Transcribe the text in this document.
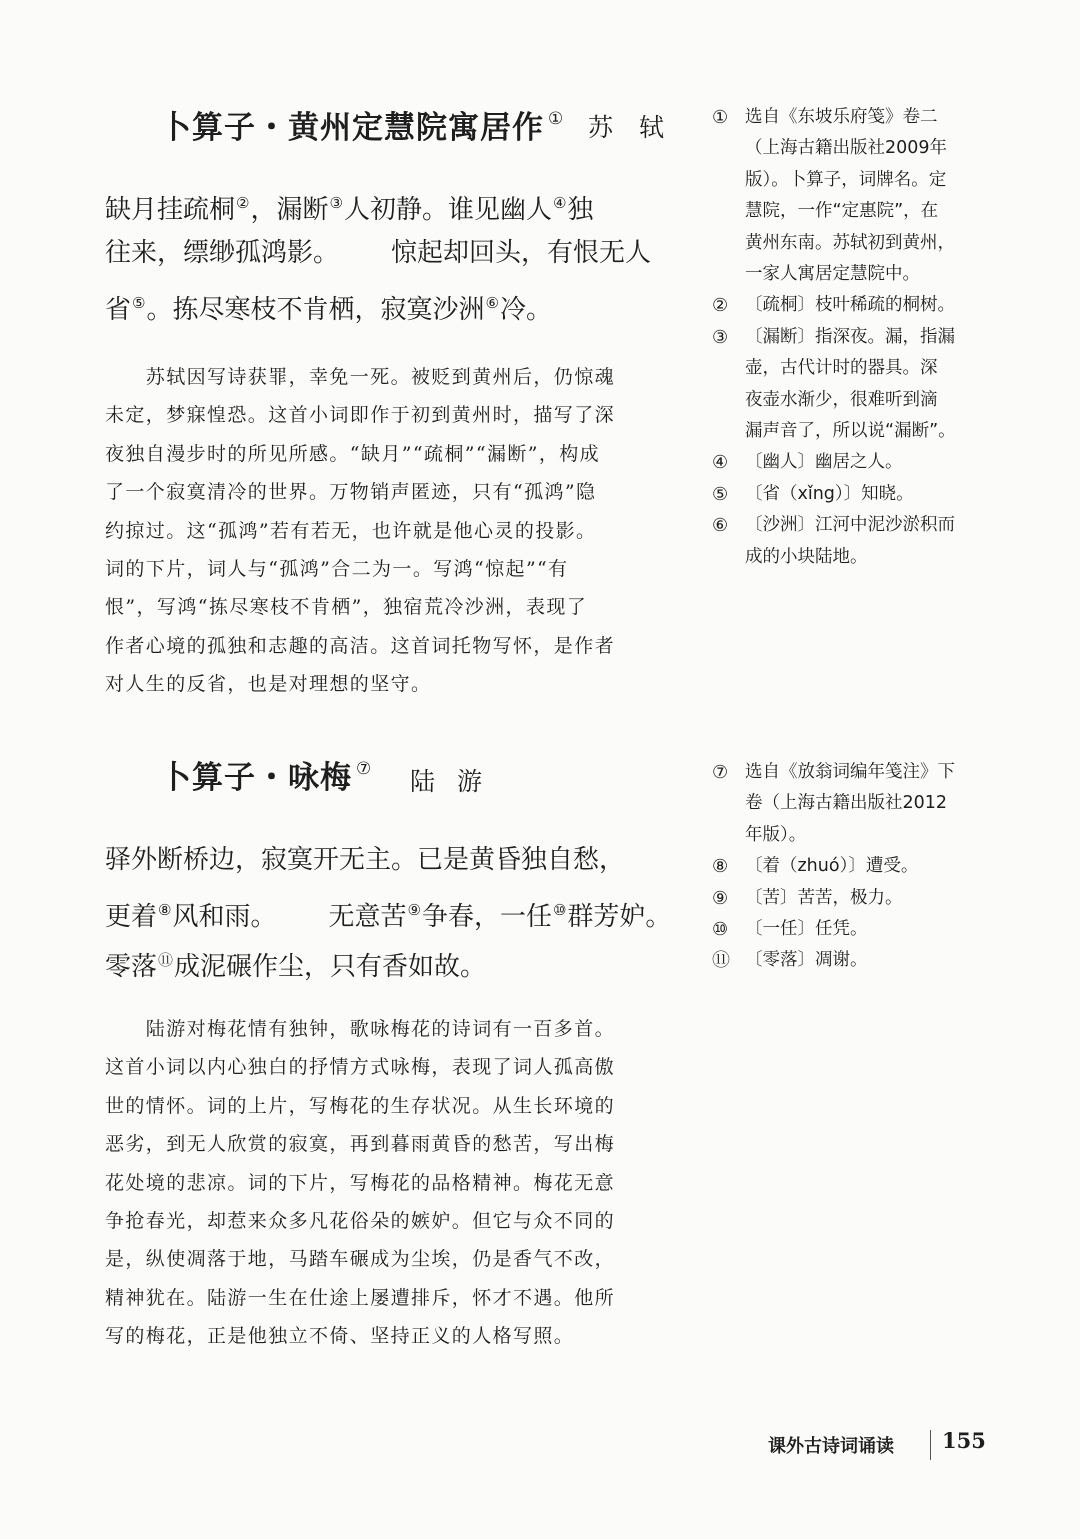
卜算子・黄州定慧院寓居作 ① 苏轼
缺月挂疏桐②，漏断③人初静。谁见幽人④独
往来，缥缈孤鸿影。 惊起却回头，有恨无人
省⑤。拣尽寒枝不肯栖，寂寞沙洲⑥冷。
　　苏轼因写诗获罪，幸免一死。被贬到黄州后，仍惊魂
未定，梦寐惶恐。这首小词即作于初到黄州时，描写了深
夜独自漫步时的所见所感。“缺月”“疏桐”“漏断”，构成
了一个寂寞清冷的世界。万物销声匿迹，只有“孤鸿”隐
约掠过。这“孤鸿”若有若无，也许就是他心灵的投影。
词的下片，词人与“孤鸿”合二为一。写鸿“惊起”“有
恨”，写鸿“拣尽寒枝不肯栖”，独宿荒冷沙洲，表现了
作者心境的孤独和志趣的高洁。这首词托物写怀，是作者
对人生的反省，也是对理想的坚守。
① 选自《东坡乐府笺》卷二
（上海古籍出版社2009年
版）。卜算子，词牌名。定
慧院，一作“定惠院”，在
黄州东南。苏轼初到黄州，
一家人寓居定慧院中。
② 〔疏桐〕枝叶稀疏的桐树。
③ 〔漏断〕指深夜。漏，指漏
壶，古代计时的器具。深
夜壶水渐少，很难听到滴
漏声音了，所以说“漏断”。
④ 〔幽人〕幽居之人。
⑤ 〔省（xǐng）〕知晓。
⑥ 〔沙洲〕江河中泥沙淤积而
成的小块陆地。
卜算子・咏梅 ⑦ 陆游
驿外断桥边，寂寞开无主。已是黄昏独自愁，
更着⑧风和雨。 无意苦⑨争春，一任⑩群芳妒。
零落⑪成泥碾作尘，只有香如故。
　　陆游对梅花情有独钟，歌咏梅花的诗词有一百多首。
这首小词以内心独白的抒情方式咏梅，表现了词人孤高傲
世的情怀。词的上片，写梅花的生存状况。从生长环境的
恶劣，到无人欣赏的寂寞，再到暮雨黄昏的愁苦，写出梅
花处境的悲凉。词的下片，写梅花的品格精神。梅花无意
争抢春光，却惹来众多凡花俗朵的嫉妒。但它与众不同的
是，纵使凋落于地，马踏车碾成为尘埃，仍是香气不改，
精神犹在。陆游一生在仕途上屡遭排斥，怀才不遇。他所
写的梅花，正是他独立不倚、坚持正义的人格写照。
⑦ 选自《放翁词编年笺注》下
卷（上海古籍出版社2012
年版）。
⑧ 〔着（zhuó）〕遭受。
⑨ 〔苦〕苦苦，极力。
⑩ 〔一任〕任凭。
⑪ 〔零落〕凋谢。
课外古诗词诵读 155
